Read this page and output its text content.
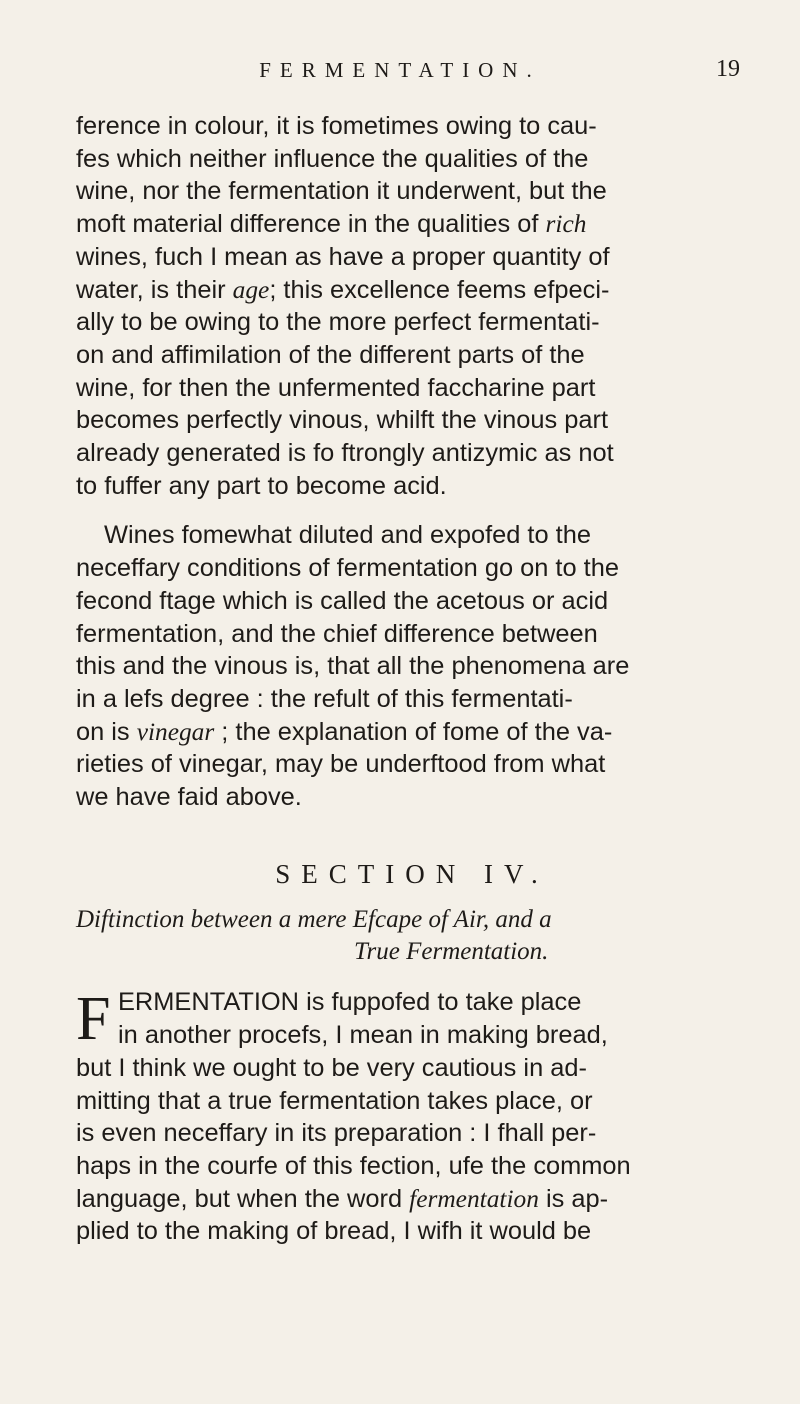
FERMENTATION.	19
ference in colour, it is fometimes owing to cau-
fes which neither influence the qualities of the
wine, nor the fermentation it underwent, but the
moft material difference in the qualities of rich
wines, fuch I mean as have a proper quantity of
water, is their age; this excellence feems efpeci-
ally to be owing to the more perfect fermentati-
on and affimilation of the different parts of the
wine, for then the unfermented faccharine part
becomes perfectly vinous, whilft the vinous part
already generated is fo ftrongly antizymic as not
to fuffer any part to become acid.
Wines fomewhat diluted and expofed to the
neceffary conditions of fermentation go on to the
fecond ftage which is called the acetous or acid
fermentation, and the chief difference between
this and the vinous is, that all the phenomena are
in a lefs degree : the refult of this fermentati-
on is vinegar ; the explanation of fome of the va-
rieties of vinegar, may be underftood from what
we have faid above.
SECTION IV.
Diftinction between a mere Efcape of Air, and a
True Fermentation.
F ERMENTATION is fuppofed to take place
in another procefs, I mean in making bread,
but I think we ought to be very cautious in ad-
mitting that a true fermentation takes place, or
is even neceffary in its preparation : I fhall per-
haps in the courfe of this fection, ufe the common
language, but when the word fermentation is ap-
plied to the making of bread, I wifh it would be
